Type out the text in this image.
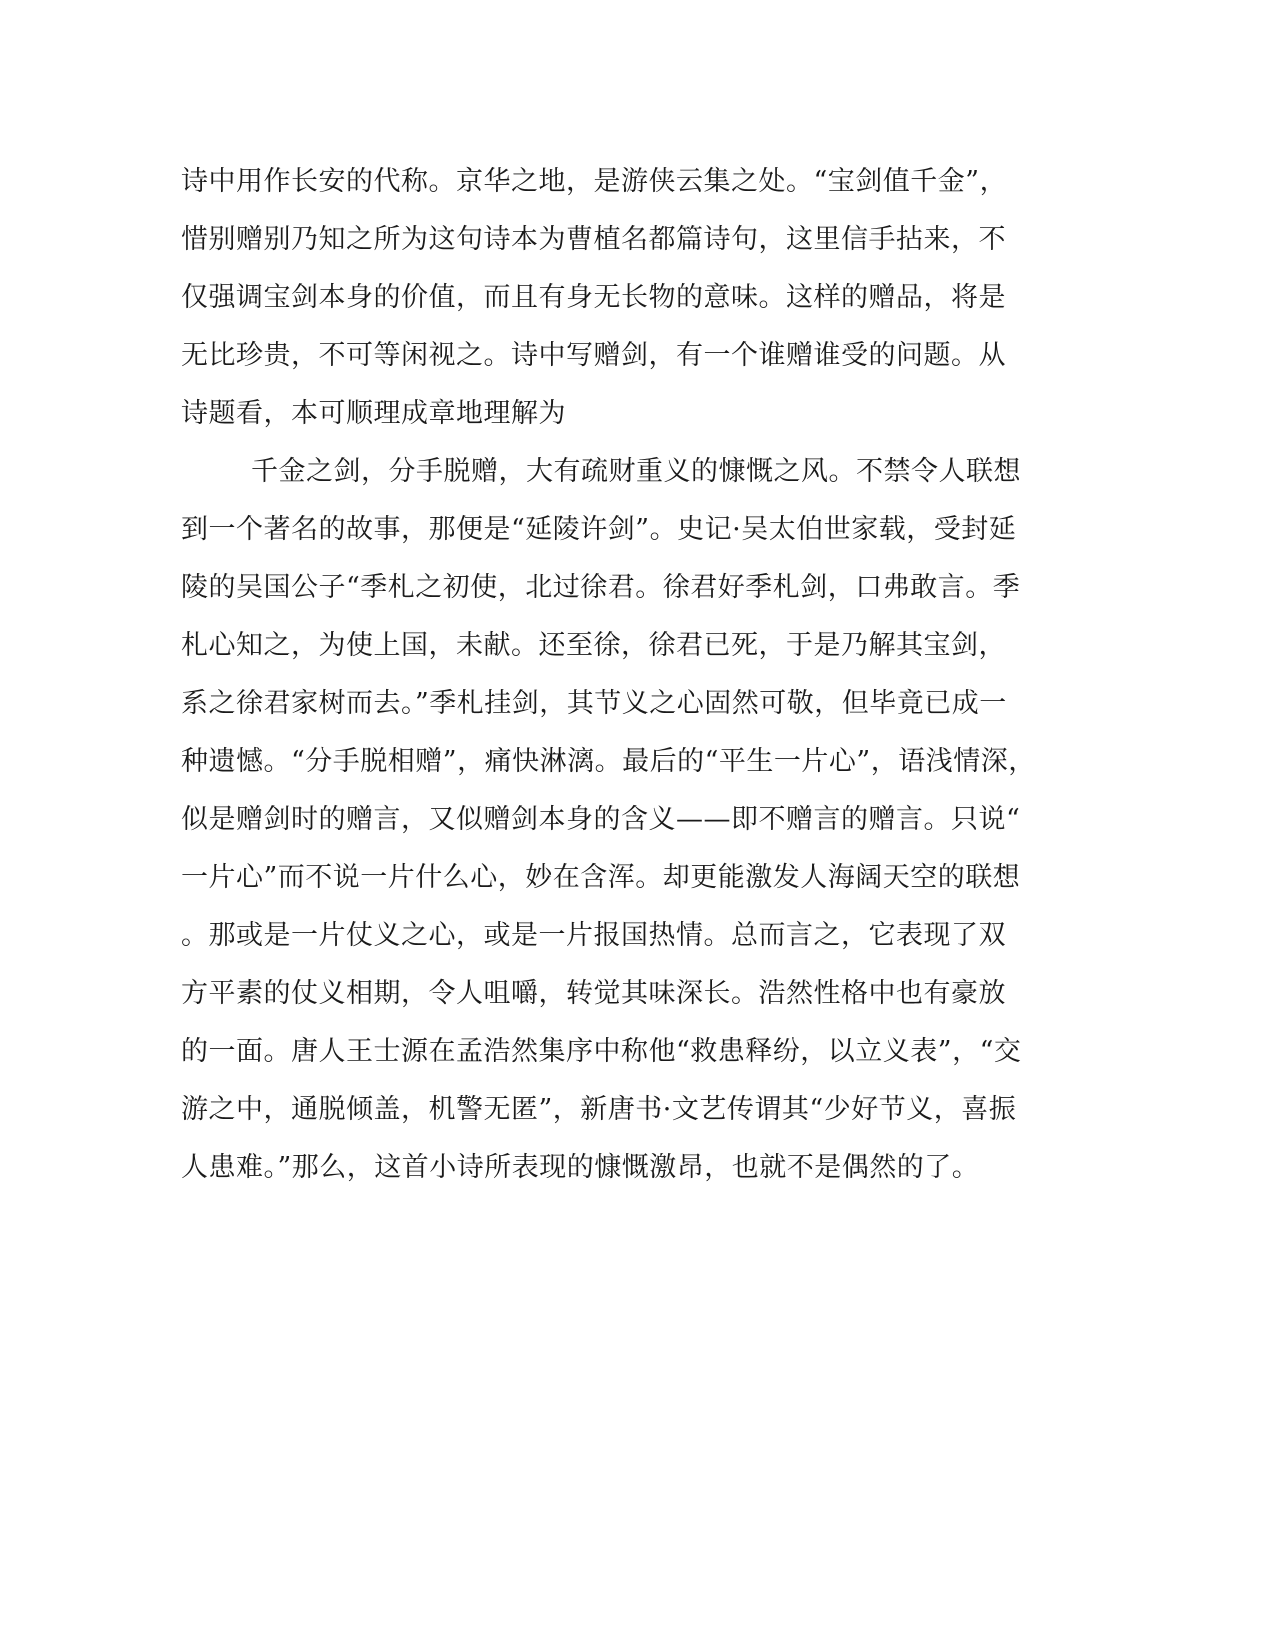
诗中用作长安的代称。京华之地，是游侠云集之处。“宝剑值千金”，
惜别赠别乃知之所为这句诗本为曹植名都篇诗句，这里信手拈来，不
仅强调宝剑本身的价值，而且有身无长物的意味。这样的赠品，将是
无比珍贵，不可等闲视之。诗中写赠剑，有一个谁赠谁受的问题。从
诗题看，本可顺理成章地理解为
千金之剑，分手脱赠，大有疏财重义的慷慨之风。不禁令人联想
到一个著名的故事，那便是“延陵许剑”。史记·吴太伯世家载，受封延
陵的吴国公子“季札之初使，北过徐君。徐君好季札剑，口弗敢言。季
札心知之，为使上国，未献。还至徐，徐君已死，于是乃解其宝剑，
系之徐君家树而去。”季札挂剑，其节义之心固然可敬，但毕竟已成一
种遗憾。“分手脱相赠”，痛快淋漓。最后的“平生一片心”，语浅情深，
似是赠剑时的赠言，又似赠剑本身的含义——即不赠言的赠言。只说“
一片心”而不说一片什么心，妙在含浑。却更能激发人海阔天空的联想
。那或是一片仗义之心，或是一片报国热情。总而言之，它表现了双
方平素的仗义相期，令人咀嚼，转觉其味深长。浩然性格中也有豪放
的一面。唐人王士源在孟浩然集序中称他“救患释纷，以立义表”，“交
游之中，通脱倾盖，机警无匿”，新唐书·文艺传谓其“少好节义，喜振
人患难。”那么，这首小诗所表现的慷慨激昂，也就不是偶然的了。
